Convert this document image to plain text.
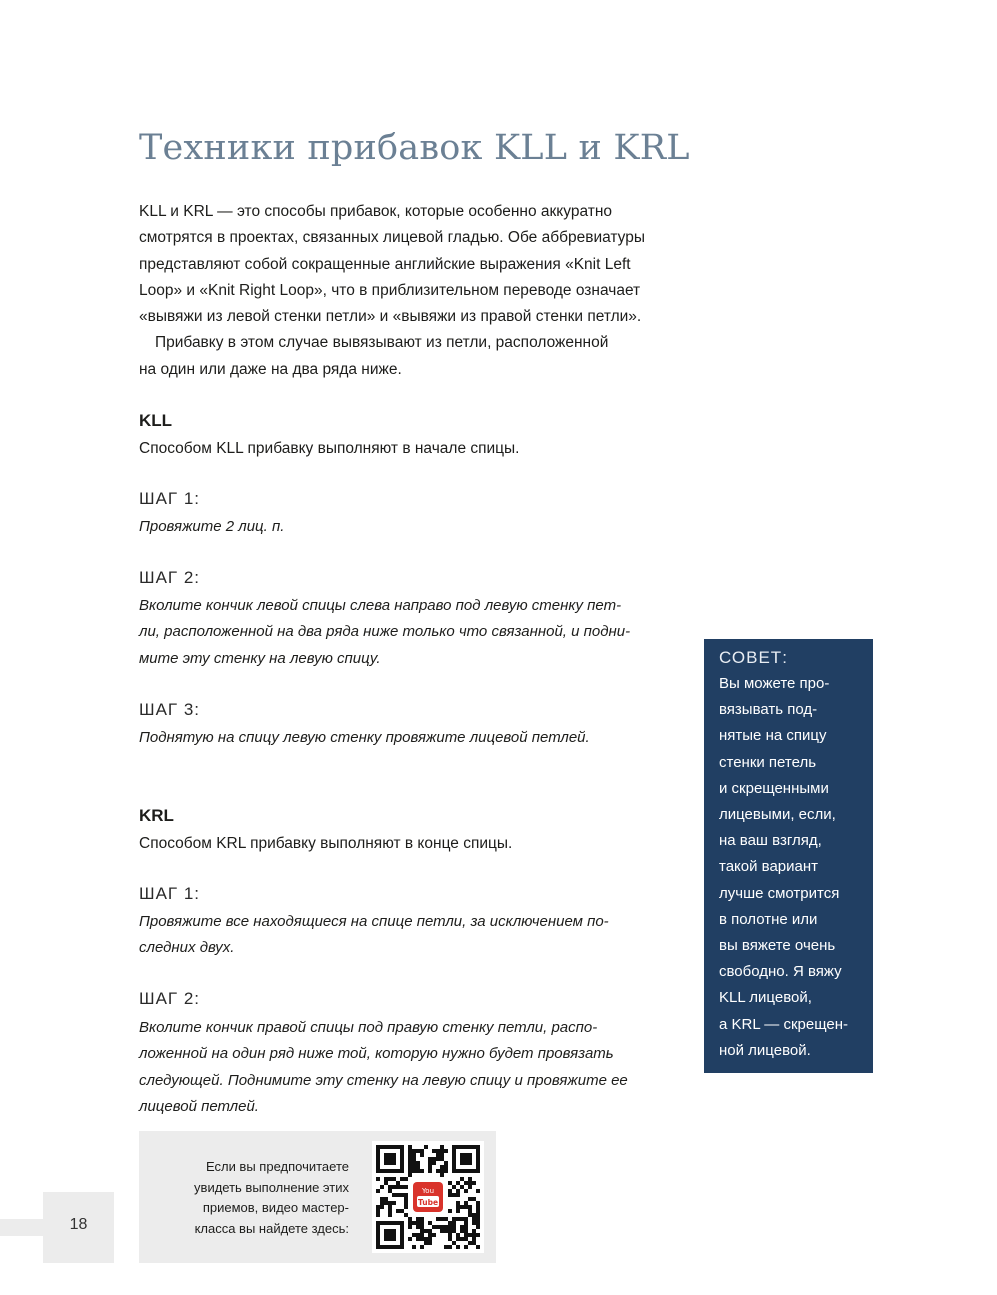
Техники прибавок KLL и KRL

KLL и KRL — это способы прибавок, которые особенно аккуратно
смотрятся в проектах, связанных лицевой гладью. Обе аббревиатуры
представляют собой сокращенные английские выражения «Knit Left
Loop» и «Knit Right Loop», что в приблизительном переводе означает
«вывяжи из левой стенки петли» и «вывяжи из правой стенки петли».

Прибавку в этом случае вывязывают из петли, расположенной
на один или даже на два ряда ниже.

KLL

Способом KLL прибавку выполняют в начале спицы.

ШАГ 1:
Провяжите 2 лиц. п.
ШАГ 2:
Вколите кончик левой спицы слева направо под левую стенку пет-
ли, расположенной на два ряда ниже только что связанной, и подни-
мите эту стенку на левую спицу.
ШАГ 3:
Поднятую на спицу левую стенку провяжите лицевой петлей.

KRL

Способом KRL прибавку выполняют в конце спицы.

ШАГ 1:
Провяжите все находящиеся на спице петли, за исключением по-
следних двух.
ШАГ 2:
Вколите кончик правой спицы под правую стенку петли, распо-
ложенной на один ряд ниже той, которую нужно будет провязать
следующей. Поднимите эту стенку на левую спицу и провяжите ее
лицевой петлей.

СОВЕТ:

Вы можете про-
вязывать под-
нятые на спицу
стенки петель
и скрещенными
лицевыми, если,
на ваш взгляд,
такой вариант
лучше смотрится
в полотне или
вы вяжете очень
свободно. Я вяжу
KLL лицевой,
а KRL — скрещен-
ной лицевой.

Если вы предпочитаете
увидеть выполнение этих
приемов, видео мастер-
класса вы найдете здесь:
You
Tube
18
